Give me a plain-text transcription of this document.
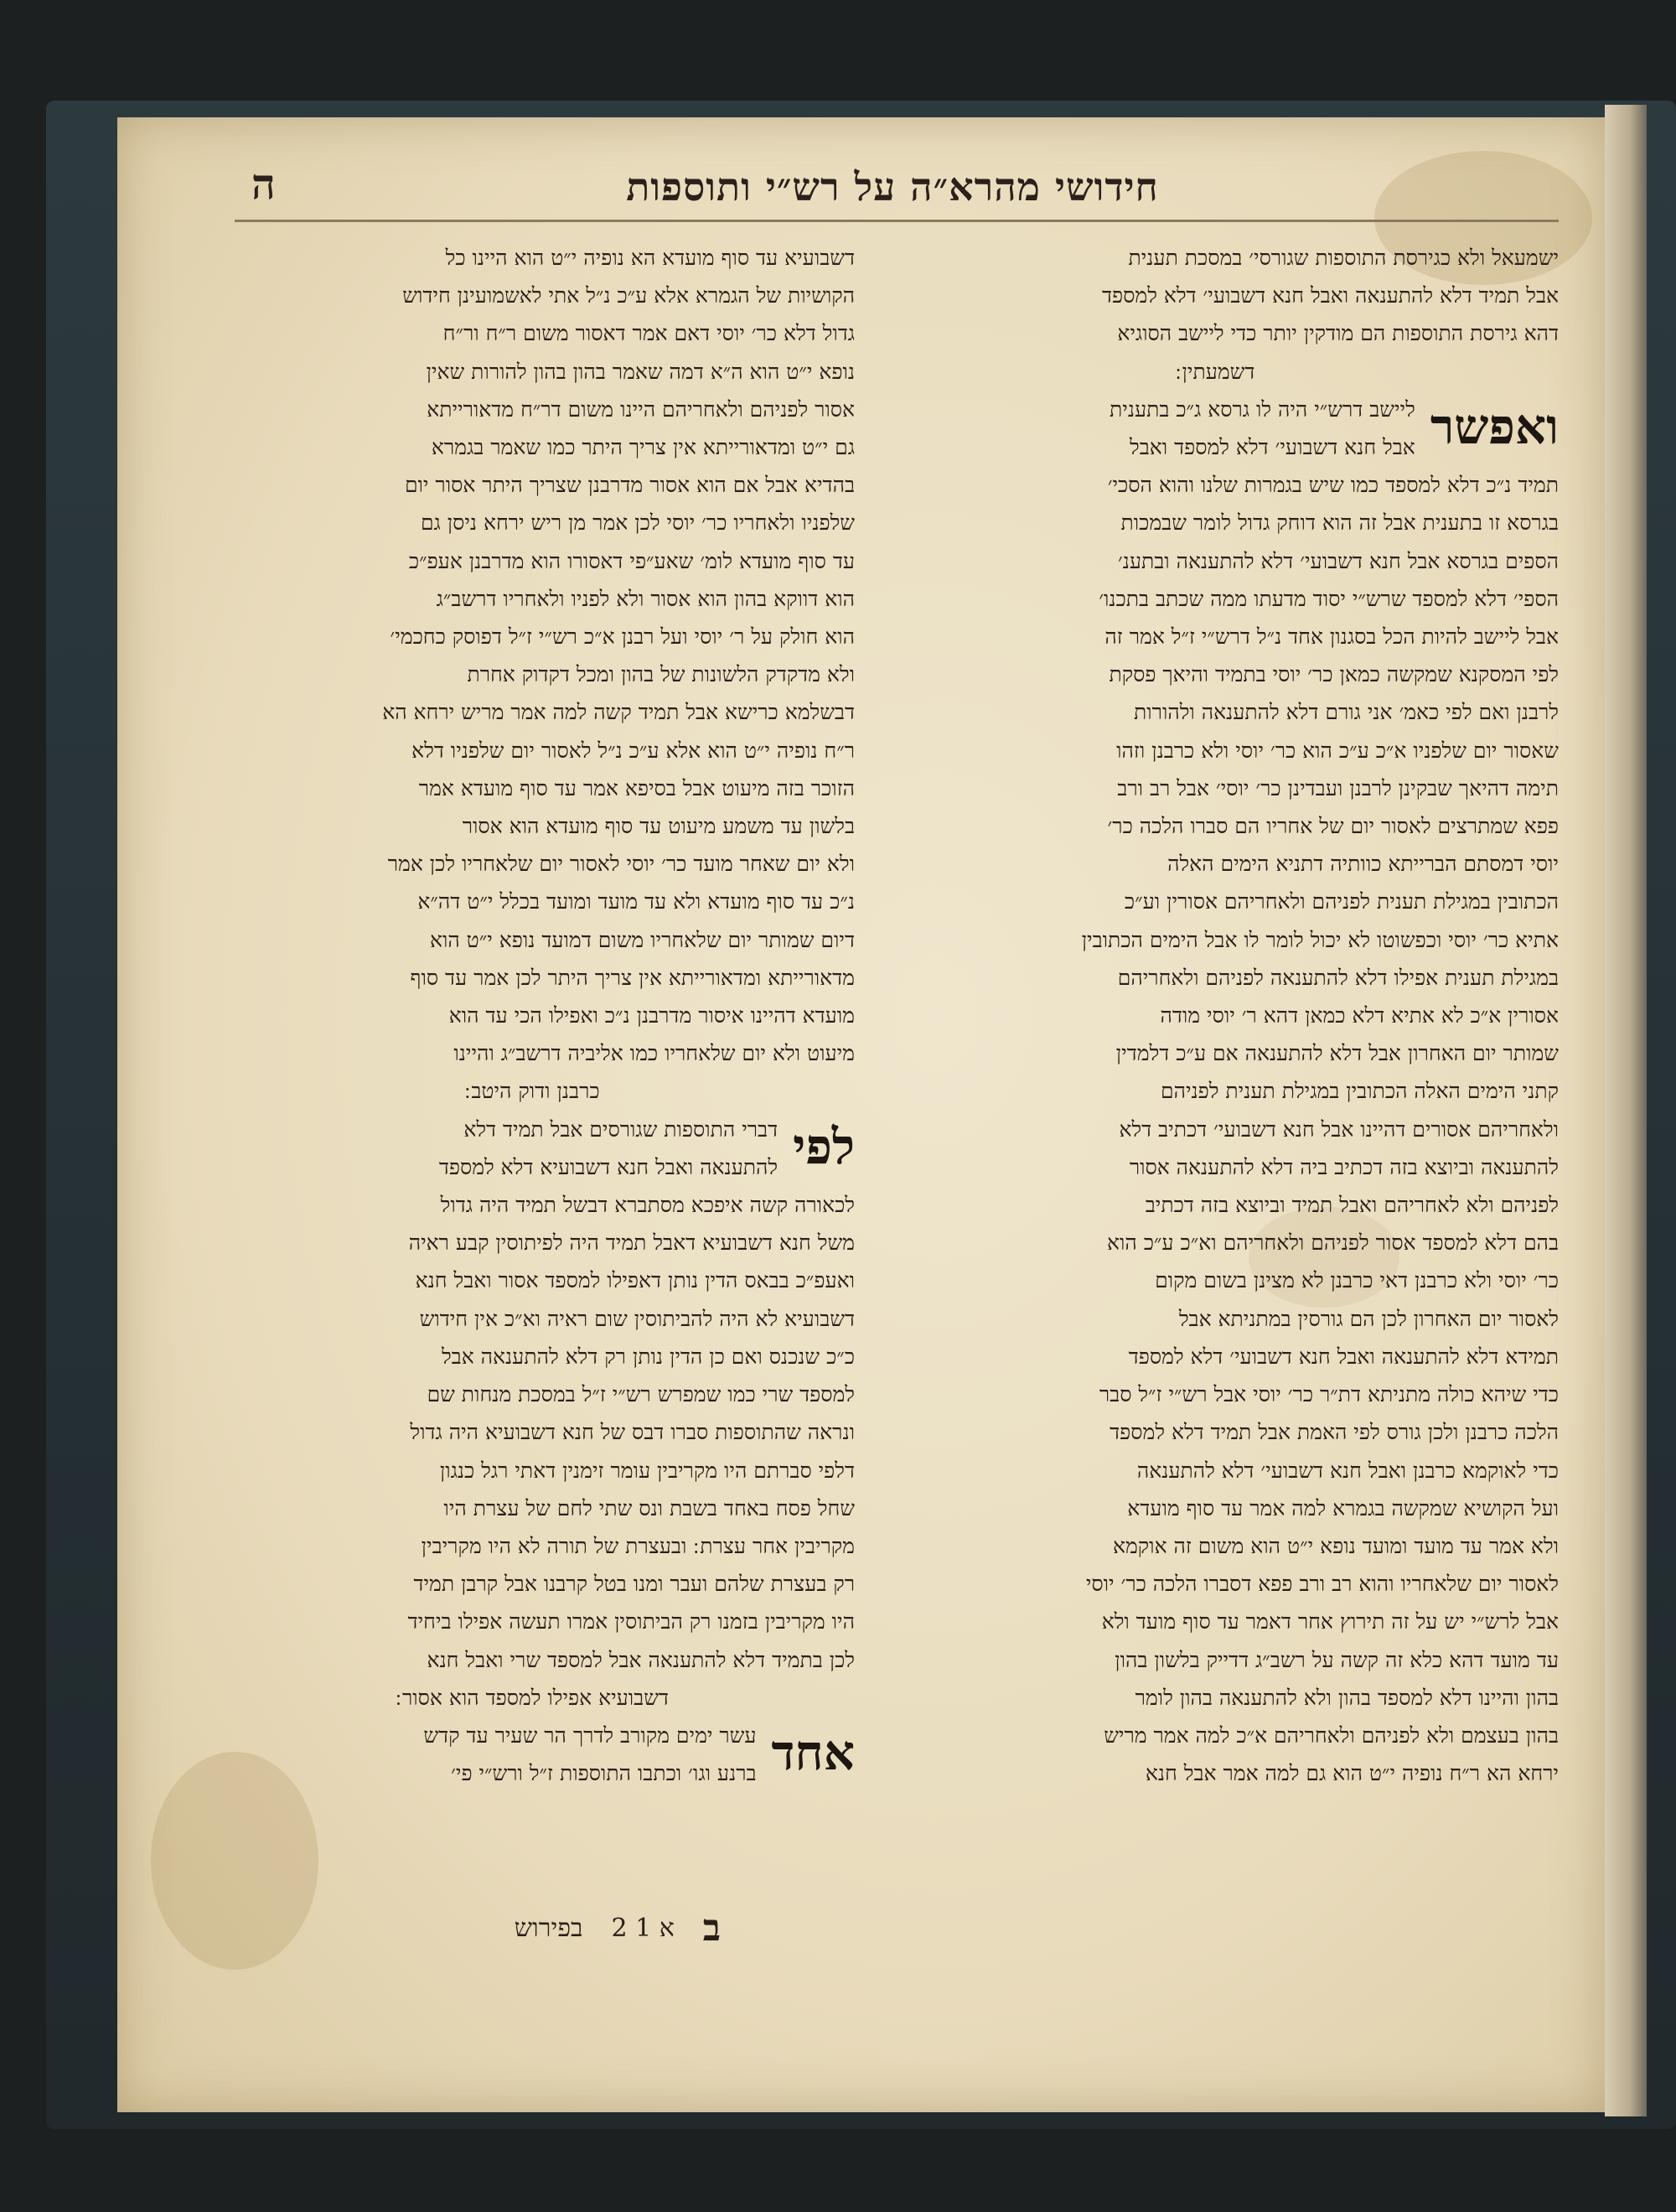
ה	חידושי מהרא״ה על רש״י ותוספות
ישמעאל ולא כגירסת התוספות שגורסי׳ במסכת תענית
אבל תמיד דלא להתענאה ואבל חנא דשבועי׳ דלא למספד
דהא גירסת התוספות הם מודקין יותר כדי ליישב הסוגיא
דשמעתין ׃
ואפשר
ליישב דרש״י היה לו גרסא ג״כ בתענית
אבל חנא דשבועי׳ דלא למספד ואבל
תמיד נ״כ דלא למספד כמו שיש בגמרות שלנו והוא הסכי׳
בגרסא זו בתענית אבל זה הוא דוחק גדול לומר שבמכות
הספים בגרסא אבל חנא דשבועי׳ דלא להתענאה ובתענ׳
הספי׳ דלא למספד שרש״י יסוד מדעתו ממה שכתב בתכנו׳
אבל ליישב להיות הכל בסגנון אחד נ״ל דרש״י ז״ל אמר זה
לפי המסקנא שמקשה כמאן כר׳ יוסי בתמיד והיאך פסקת
לרבנן ואם לפי כאמ׳ אני גורם דלא להתענאה ולהורות
שאסור יום שלפניו א״כ ע״כ הוא כר׳ יוסי ולא כרבנן וזהו
תימה דהיאך שבקינן לרבנן ועבדינן כר׳ יוסי׳ אבל רב ורב
פפא שמתרצים לאסור יום של אחריו הם סברו הלכה כר׳
יוסי דמסתם הברייתא כוותיה דתניא הימים האלה
הכתובין במגילת תענית לפניהם ולאחריהם אסורין וע״כ
אתיא כר׳ יוסי וכפשוטו לא יכול לומר לו אבל הימים הכתובין
במגילת תענית אפילו דלא להתענאה לפניהם ולאחריהם
אסורין א״כ לא אתיא דלא כמאן דהא ר׳ יוסי מודה
שמותר יום האחרון אבל דלא להתענאה אם ע״כ דלמדין
קתני הימים האלה הכתובין במגילת תענית לפניהם
ולאחריהם אסורים דהיינו אבל חנא דשבועי׳ דכתיב דלא
להתענאה וביוצא בזה דכתיב ביה דלא להתענאה אסור
לפניהם ולא לאחריהם ואבל תמיד וביוצא בזה דכתיב
בהם דלא למספד אסור לפניהם ולאחריהם וא״כ ע״כ הוא
כר׳ יוסי ולא כרבנן דאי כרבנן לא מצינן בשום מקום
לאסור יום האחרון לכן הם גורסין במתניתא אבל
תמידא דלא להתענאה ואבל חנא דשבועי׳ דלא למספד
כדי שיהא כולה מתניתא דת״ר כר׳ יוסי אבל רש״י ז״ל סבר
הלכה כרבנן ולכן גורס לפי האמת אבל תמיד דלא למספד
כדי לאוקמא כרבנן ואבל חנא דשבועי׳ דלא להתענאה
ועל הקושיא שמקשה בגמרא למה אמר עד סוף מועדא
ולא אמר עד מועד ומועד נופא י״ט הוא משום זה אוקמא
לאסור יום שלאחריו והוא רב ורב פפא דסברו הלכה כר׳ יוסי
אבל לרש״י יש על זה תירוץ אחר דאמר עד סוף מועד ולא
עד מועד דהא כלא זה קשה על רשב״ג דדייק בלשון בהון
בהון והיינו דלא למספד בהון ולא להתענאה בהון לומר
בהון בעצמם ולא לפניהם ולאחריהם א״כ למה אמר מריש
ירחא הא ר״ח נופיה י״ט הוא גם למה אמר אבל חנא
דשבועיא עד סוף מועדא הא נופיה י״ט הוא היינו כל
הקושיות של הגמרא אלא ע״כ נ״ל אתי לאשמועינן חידוש
גדול דלא כר׳ יוסי דאם אמר דאסור משום ר״ח ור״ח
נופא י״ט הוא ה״א דמה שאמר בהון בהון להורות שאין
אסור לפניהם ולאחריהם היינו משום דר״ח מדאורייתא
גם י״ט ומדאורייתא אין צריך היתר כמו שאמר בגמרא
בהדיא אבל אם הוא אסור מדרבנן שצריך היתר אסור יום
שלפניו ולאחריו כר׳ יוסי לכן אמר מן ריש ירחא ניסן גם
עד סוף מועדא לומ׳ שאע״פי דאסורו הוא מדרבנן אעפ״כ
הוא דווקא בהון הוא אסור ולא לפניו ולאחריו דרשב״ג
הוא חולק על ר׳ יוסי ועל רבנן א״כ רש״י ז״ל דפוסק כחכמי׳
ולא מדקדק הלשונות של בהון ומכל דקדוק אחרת
דבשלמא כרישא אבל תמיד קשה למה אמר מריש ירחא הא
ר״ח נופיה י״ט הוא אלא ע״כ נ״ל לאסור יום שלפניו דלא
הזוכר בזה מיעוט אבל בסיפא אמר עד סוף מועדא אמר
בלשון עד משמע מיעוט עד סוף מועדא הוא אסור
ולא יום שאחר מועד כר׳ יוסי לאסור יום שלאחריו לכן אמר
נ״כ עד סוף מועדא ולא עד מועד ומועד בכלל י״ט דה״א
דיום שמותר יום שלאחריו משום דמועד נופא י״ט הוא
מדאורייתא ומדאורייתא אין צריך היתר לכן אמר עד סוף
מועדא דהיינו איסור מדרבנן נ״כ ואפילו הכי עד הוא
מיעוט ולא יום שלאחריו כמו אליביה דרשב״ג והיינו
כרבנן ודוק היטב ׃
לפי
דברי התוספות שגורסים אבל תמיד דלא
להתענאה ואבל חנא דשבועיא דלא למספד
לכאורה קשה איפכא מסתברא דבשל תמיד היה גדול
משל חנא דשבועיא דאבל תמיד היה לפיתוסין קבע ראיה
ואעפ״כ בבאס הדין נותן דאפילו למספד אסור ואבל חנא
דשבועיא לא היה להביתוסין שום ראיה וא״כ אין חידוש
כ״כ שנכנס ואם כן הדין נותן רק דלא להתענאה אבל
למספד שרי כמו שמפרש רש״י ז״ל במסכת מנחות שם
ונראה שהתוספות סברו דבס של חנא דשבועיא היה גדול
דלפי סברתם היו מקריבין עומר זימנין דאתי רגל כנגון
שחל פסח באחד בשבת ונס שתי לחם של עצרת היו
מקריבין אחר עצרת ׃ ובעצרת של תורה לא היו מקריבין
רק בעצרת שלהם ועבר ומנו בטל קרבנו אבל קרבן תמיד
היו מקריבין בזמנו רק הביתוסין אמרו תעשה אפילו ביחיד
לכן בתמיד דלא להתענאה אבל למספד שרי ואבל חנא
דשבועיא אפילו למספד הוא אסור ׃
אחד
עשר ימים מקורב לדרך הר שעיר עד קדש
ברנע וגו׳ וכתבו התוספות ז״ל ורש״י פי׳
ב
א 1 2
בפירוש
